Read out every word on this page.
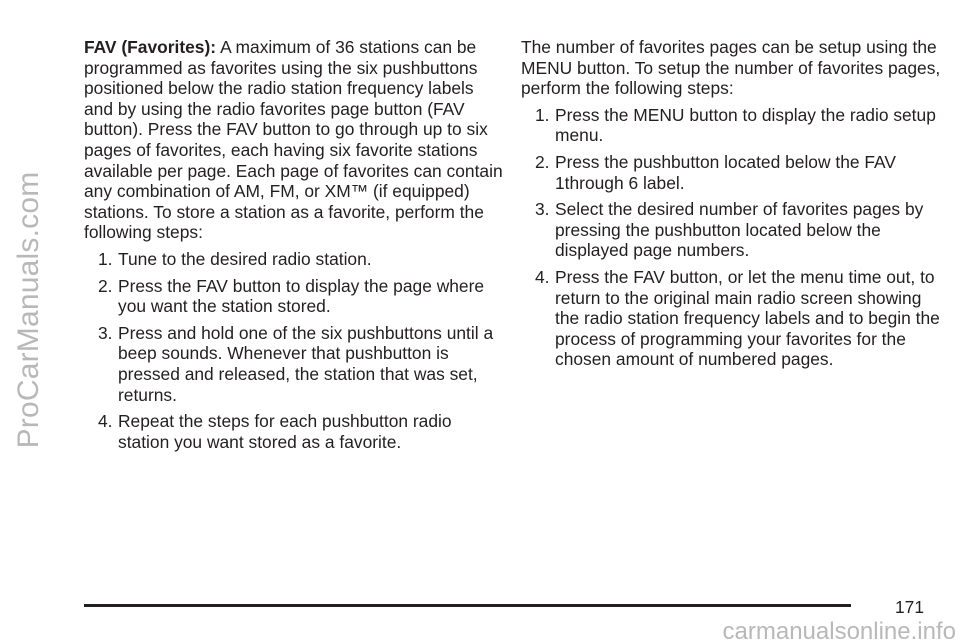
ProCarManuals.com

FAV (Favorites): A maximum of 36 stations can be programmed as favorites using the six pushbuttons positioned below the radio station frequency labels and by using the radio favorites page button (FAV button). Press the FAV button to go through up to six pages of favorites, each having six favorite stations available per page. Each page of favorites can contain any combination of AM, FM, or XM™ (if equipped) stations. To store a station as a favorite, perform the following steps:

1. Tune to the desired radio station.
2. Press the FAV button to display the page where you want the station stored.
3. Press and hold one of the six pushbuttons until a beep sounds. Whenever that pushbutton is pressed and released, the station that was set, returns.
4. Repeat the steps for each pushbutton radio station you want stored as a favorite.

The number of favorites pages can be setup using the MENU button. To setup the number of favorites pages, perform the following steps:

1. Press the MENU button to display the radio setup menu.
2. Press the pushbutton located below the FAV 1through 6 label.
3. Select the desired number of favorites pages by pressing the pushbutton located below the displayed page numbers.
4. Press the FAV button, or let the menu time out, to return to the original main radio screen showing the radio station frequency labels and to begin the process of programming your favorites for the chosen amount of numbered pages.
171
carmanualsonline.info
